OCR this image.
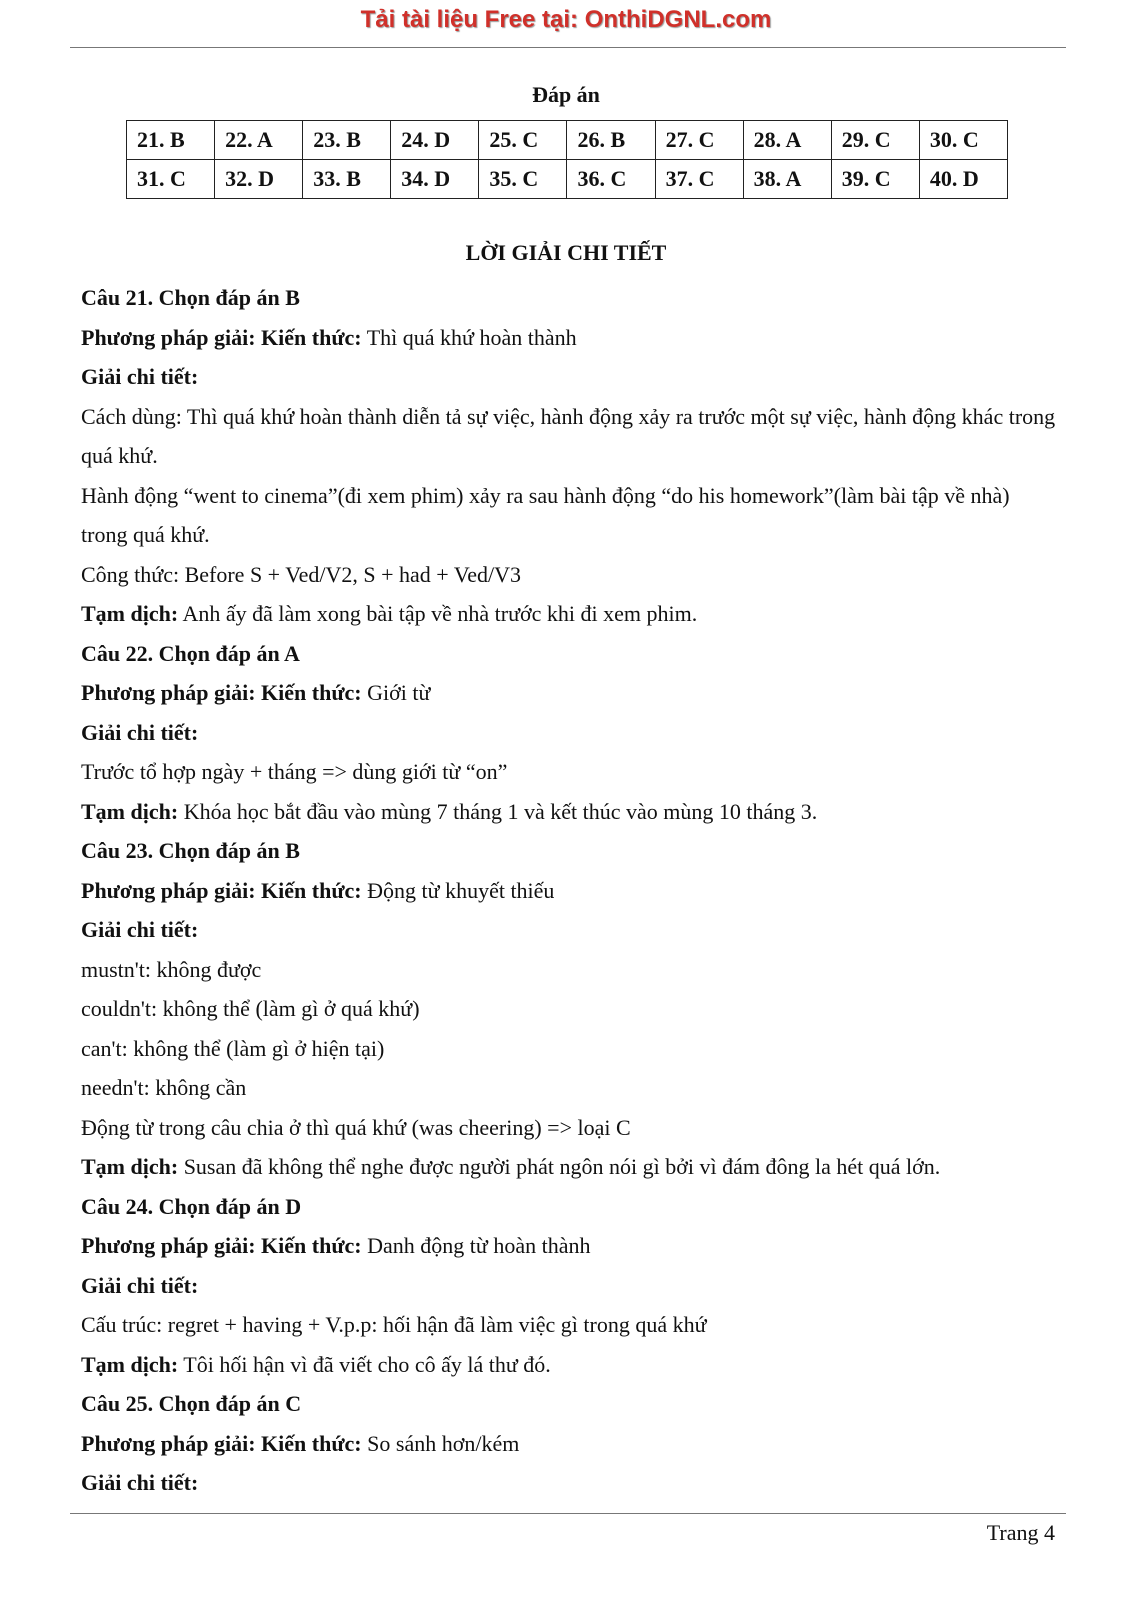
Tải tài liệu Free tại: OnthiDGNL.com
Đáp án
21. B	22. A	23. B	24. D	25. C	26. B	27. C	28. A	29. C	30. C
31. C	32. D	33. B	34. D	35. C	36. C	37. C	38. A	39. C	40. D
LỜI GIẢI CHI TIẾT

Câu 21. Chọn đáp án B

Phương pháp giải: Kiến thức: Thì quá khứ hoàn thành

Giải chi tiết:

Cách dùng: Thì quá khứ hoàn thành diễn tả sự việc, hành động xảy ra trước một sự việc, hành động khác trong quá khứ.

Hành động “went to cinema”(đi xem phim) xảy ra sau hành động “do his homework”(làm bài tập về nhà) trong quá khứ.

Công thức: Before S + Ved/V2, S + had + Ved/V3

Tạm dịch: Anh ấy đã làm xong bài tập về nhà trước khi đi xem phim.

Câu 22. Chọn đáp án A

Phương pháp giải: Kiến thức: Giới từ

Giải chi tiết:

Trước tổ hợp ngày + tháng => dùng giới từ “on”

Tạm dịch: Khóa học bắt đầu vào mùng 7 tháng 1 và kết thúc vào mùng 10 tháng 3.

Câu 23. Chọn đáp án B

Phương pháp giải: Kiến thức: Động từ khuyết thiếu

Giải chi tiết:

mustn't: không được

couldn't: không thể (làm gì ở quá khứ)

can't: không thể (làm gì ở hiện tại)

needn't: không cần

Động từ trong câu chia ở thì quá khứ (was cheering) => loại C

Tạm dịch: Susan đã không thể nghe được người phát ngôn nói gì bởi vì đám đông la hét quá lớn.

Câu 24. Chọn đáp án D

Phương pháp giải: Kiến thức: Danh động từ hoàn thành

Giải chi tiết:

Cấu trúc: regret + having + V.p.p: hối hận đã làm việc gì trong quá khứ

Tạm dịch: Tôi hối hận vì đã viết cho cô ấy lá thư đó.

Câu 25. Chọn đáp án C

Phương pháp giải: Kiến thức: So sánh hơn/kém

Giải chi tiết:

Trang 4
